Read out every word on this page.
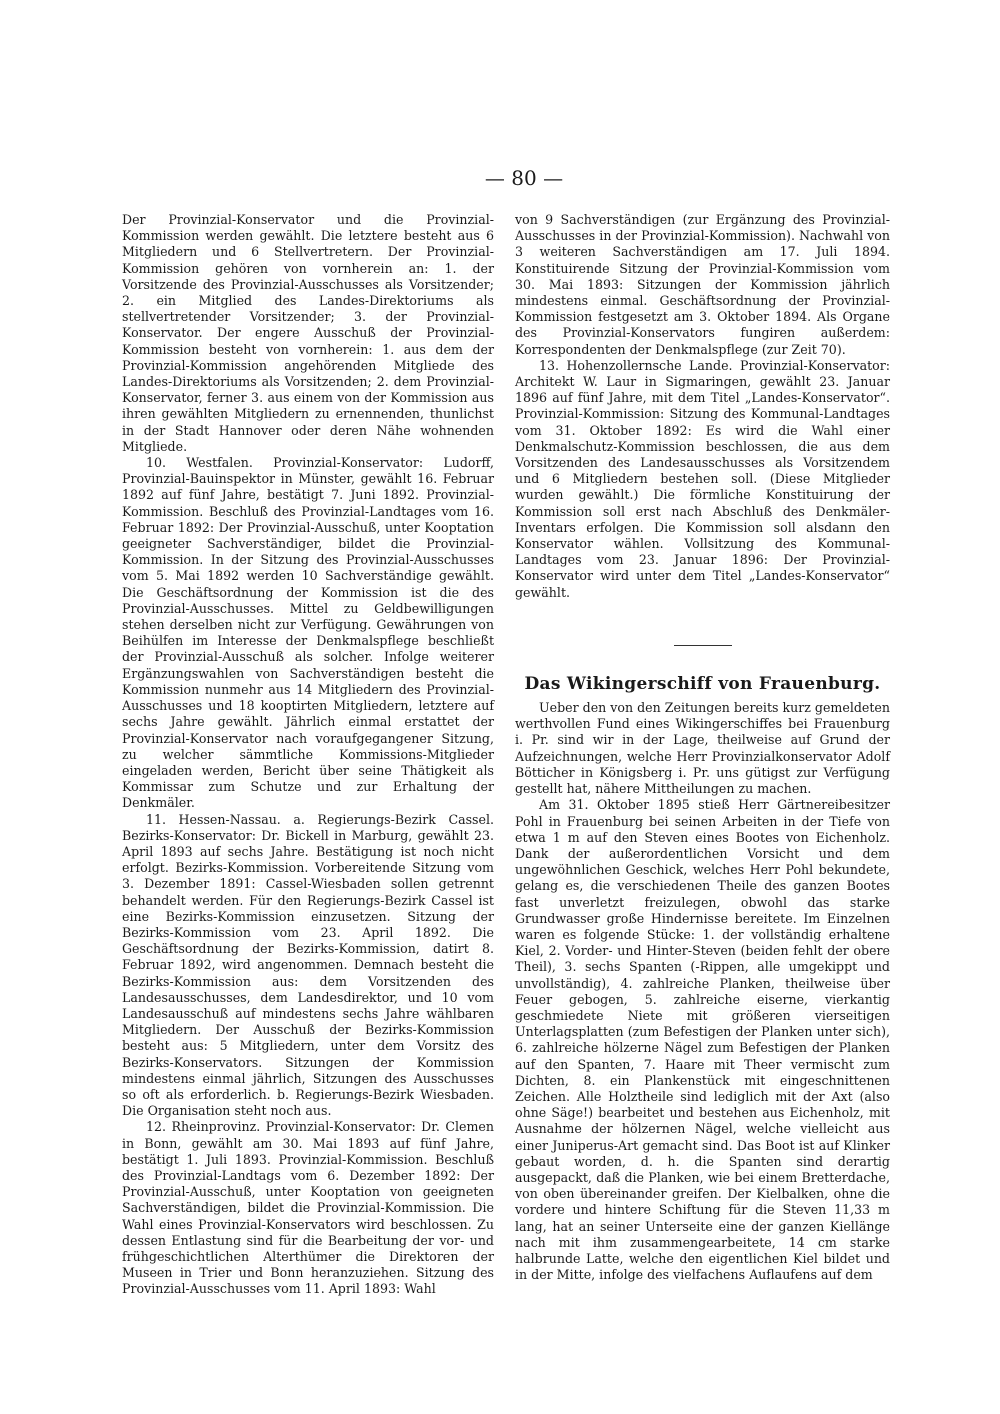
— 80 —

Der Provinzial-Konservator und die Provinzial-Kommission werden gewählt. Die letztere besteht aus 6 Mitgliedern und 6 Stellvertretern. Der Provinzial-Kommission gehören von vornherein an: 1. der Vorsitzende des Provinzial-Ausschusses als Vorsitzender; 2. ein Mitglied des Landes-Direktoriums als stellvertretender Vorsitzender; 3. der Provinzial-Konservator. Der engere Ausschuß der Provinzial-Kommission besteht von vornherein: 1. aus dem der Provinzial-Kommission angehörenden Mitgliede des Landes-Direktoriums als Vorsitzenden; 2. dem Provinzial-Konservator, ferner 3. aus einem von der Kommission aus ihren gewählten Mitgliedern zu ernennenden, thunlichst in der Stadt Hannover oder deren Nähe wohnenden Mitgliede.

10. Westfalen. Provinzial-Konservator: Ludorff, Provinzial-Bauinspektor in Münster, gewählt 16. Februar 1892 auf fünf Jahre, bestätigt 7. Juni 1892. Provinzial-Kommission. Beschluß des Provinzial-Landtages vom 16. Februar 1892: Der Provinzial-Ausschuß, unter Kooptation geeigneter Sachverständiger, bildet die Provinzial-Kommission. In der Sitzung des Provinzial-Ausschusses vom 5. Mai 1892 werden 10 Sachverständige gewählt. Die Geschäftsordnung der Kommission ist die des Provinzial-Ausschusses. Mittel zu Geldbewilligungen stehen derselben nicht zur Verfügung. Gewährungen von Beihülfen im Interesse der Denkmalspflege beschließt der Provinzial-Ausschuß als solcher. Infolge weiterer Ergänzungswahlen von Sachverständigen besteht die Kommission nunmehr aus 14 Mitgliedern des Provinzial-Ausschusses und 18 kooptirten Mitgliedern, letztere auf sechs Jahre gewählt. Jährlich einmal erstattet der Provinzial-Konservator nach voraufgegangener Sitzung, zu welcher sämmtliche Kommissions-Mitglieder eingeladen werden, Bericht über seine Thätigkeit als Kommissar zum Schutze und zur Erhaltung der Denkmäler.

11. Hessen-Nassau. a. Regierungs-Bezirk Cassel. Bezirks-Konservator: Dr. Bickell in Marburg, gewählt 23. April 1893 auf sechs Jahre. Bestätigung ist noch nicht erfolgt. Bezirks-Kommission. Vorbereitende Sitzung vom 3. Dezember 1891: Cassel-Wiesbaden sollen getrennt behandelt werden. Für den Regierungs-Bezirk Cassel ist eine Bezirks-Kommission einzusetzen. Sitzung der Bezirks-Kommission vom 23. April 1892. Die Geschäftsordnung der Bezirks-Kommission, datirt 8. Februar 1892, wird angenommen. Demnach besteht die Bezirks-Kommission aus: dem Vorsitzenden des Landesausschusses, dem Landesdirektor, und 10 vom Landesausschuß auf mindestens sechs Jahre wählbaren Mitgliedern. Der Ausschuß der Bezirks-Kommission besteht aus: 5 Mitgliedern, unter dem Vorsitz des Bezirks-Konservators. Sitzungen der Kommission mindestens einmal jährlich, Sitzungen des Ausschusses so oft als erforderlich. b. Regierungs-Bezirk Wiesbaden. Die Organisation steht noch aus.

12. Rheinprovinz. Provinzial-Konservator: Dr. Clemen in Bonn, gewählt am 30. Mai 1893 auf fünf Jahre, bestätigt 1. Juli 1893. Provinzial-Kommission. Beschluß des Provinzial-Landtags vom 6. Dezember 1892: Der Provinzial-Ausschuß, unter Kooptation von geeigneten Sachverständigen, bildet die Provinzial-Kommission. Die Wahl eines Provinzial-Konservators wird beschlossen. Zu dessen Entlastung sind für die Bearbeitung der vor- und frühgeschichtlichen Alterthümer die Direktoren der Museen in Trier und Bonn heranzuziehen. Sitzung des Provinzial-Ausschusses vom 11. April 1893: Wahl

von 9 Sachverständigen (zur Ergänzung des Provinzial-Ausschusses in der Provinzial-Kommission). Nachwahl von 3 weiteren Sachverständigen am 17. Juli 1894. Konstituirende Sitzung der Provinzial-Kommission vom 30. Mai 1893: Sitzungen der Kommission jährlich mindestens einmal. Geschäftsordnung der Provinzial-Kommission festgesetzt am 3. Oktober 1894. Als Organe des Provinzial-Konservators fungiren außerdem: Korrespondenten der Denkmalspflege (zur Zeit 70).

13. Hohenzollernsche Lande. Provinzial-Konservator: Architekt W. Laur in Sigmaringen, gewählt 23. Januar 1896 auf fünf Jahre, mit dem Titel „Landes-Konservator“. Provinzial-Kommission: Sitzung des Kommunal-Landtages vom 31. Oktober 1892: Es wird die Wahl einer Denkmalschutz-Kommission beschlossen, die aus dem Vorsitzenden des Landesausschusses als Vorsitzendem und 6 Mitgliedern bestehen soll. (Diese Mitglieder wurden gewählt.) Die förmliche Konstituirung der Kommission soll erst nach Abschluß des Denkmäler-Inventars erfolgen. Die Kommission soll alsdann den Konservator wählen. Vollsitzung des Kommunal-Landtages vom 23. Januar 1896: Der Provinzial-Konservator wird unter dem Titel „Landes-Konservator“ gewählt.

Das Wikingerschiff von Frauenburg.

Ueber den von den Zeitungen bereits kurz gemeldeten werthvollen Fund eines Wikingerschiffes bei Frauenburg i. Pr. sind wir in der Lage, theilweise auf Grund der Aufzeichnungen, welche Herr Provinzialkonservator Adolf Bötticher in Königsberg i. Pr. uns gütigst zur Verfügung gestellt hat, nähere Mittheilungen zu machen.

Am 31. Oktober 1895 stieß Herr Gärtnereibesitzer Pohl in Frauenburg bei seinen Arbeiten in der Tiefe von etwa 1 m auf den Steven eines Bootes von Eichenholz. Dank der außerordentlichen Vorsicht und dem ungewöhnlichen Geschick, welches Herr Pohl bekundete, gelang es, die verschiedenen Theile des ganzen Bootes fast unverletzt freizulegen, obwohl das starke Grundwasser große Hindernisse bereitete. Im Einzelnen waren es folgende Stücke: 1. der vollständig erhaltene Kiel, 2. Vorder- und Hinter-Steven (beiden fehlt der obere Theil), 3. sechs Spanten (-Rippen, alle umgekippt und unvollständig), 4. zahlreiche Planken, theilweise über Feuer gebogen, 5. zahlreiche eiserne, vierkantig geschmiedete Niete mit größeren vierseitigen Unterlagsplatten (zum Befestigen der Planken unter sich), 6. zahlreiche hölzerne Nägel zum Befestigen der Planken auf den Spanten, 7. Haare mit Theer vermischt zum Dichten, 8. ein Plankenstück mit eingeschnittenen Zeichen. Alle Holztheile sind lediglich mit der Axt (also ohne Säge!) bearbeitet und bestehen aus Eichenholz, mit Ausnahme der hölzernen Nägel, welche vielleicht aus einer Juniperus-Art gemacht sind. Das Boot ist auf Klinker gebaut worden, d. h. die Spanten sind derartig ausgepackt, daß die Planken, wie bei einem Bretterdache, von oben übereinander greifen. Der Kielbalken, ohne die vordere und hintere Schiftung für die Steven 11,33 m lang, hat an seiner Unterseite eine der ganzen Kiellänge nach mit ihm zusammengearbeitete, 14 cm starke halbrunde Latte, welche den eigentlichen Kiel bildet und in der Mitte, infolge des vielfachens Auflaufens auf dem
